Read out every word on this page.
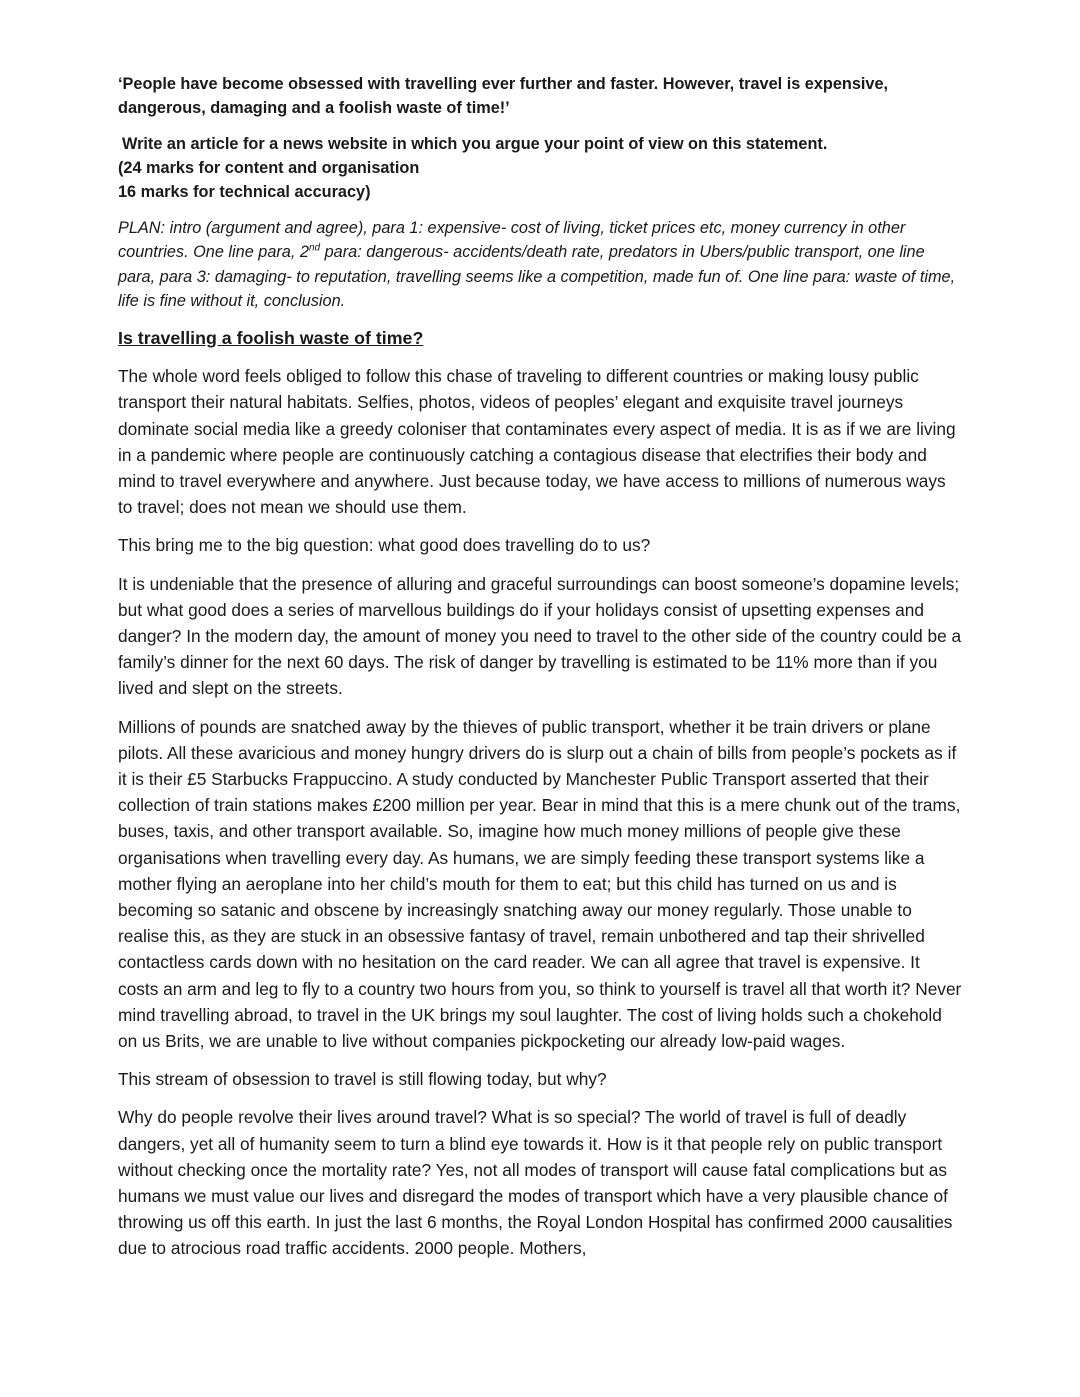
‘People have become obsessed with travelling ever further and faster. However, travel is expensive, dangerous, damaging and a foolish waste of time!’

Write an article for a news website in which you argue your point of view on this statement.
(24 marks for content and organisation
16 marks for technical accuracy)

PLAN: intro (argument and agree), para 1: expensive- cost of living, ticket prices etc, money currency in other countries. One line para, 2nd para: dangerous- accidents/death rate, predators in Ubers/public transport, one line para, para 3: damaging- to reputation, travelling seems like a competition, made fun of. One line para: waste of time, life is fine without it, conclusion.

Is travelling a foolish waste of time?

The whole word feels obliged to follow this chase of traveling to different countries or making lousy public transport their natural habitats. Selfies, photos, videos of peoples’ elegant and exquisite travel journeys dominate social media like a greedy coloniser that contaminates every aspect of media. It is as if we are living in a pandemic where people are continuously catching a contagious disease that electrifies their body and mind to travel everywhere and anywhere. Just because today, we have access to millions of numerous ways to travel; does not mean we should use them.

This bring me to the big question: what good does travelling do to us?

It is undeniable that the presence of alluring and graceful surroundings can boost someone’s dopamine levels; but what good does a series of marvellous buildings do if your holidays consist of upsetting expenses and danger? In the modern day, the amount of money you need to travel to the other side of the country could be a family’s dinner for the next 60 days. The risk of danger by travelling is estimated to be 11% more than if you lived and slept on the streets.

Millions of pounds are snatched away by the thieves of public transport, whether it be train drivers or plane pilots. All these avaricious and money hungry drivers do is slurp out a chain of bills from people’s pockets as if it is their £5 Starbucks Frappuccino. A study conducted by Manchester Public Transport asserted that their collection of train stations makes £200 million per year. Bear in mind that this is a mere chunk out of the trams, buses, taxis, and other transport available. So, imagine how much money millions of people give these organisations when travelling every day. As humans, we are simply feeding these transport systems like a mother flying an aeroplane into her child’s mouth for them to eat; but this child has turned on us and is becoming so satanic and obscene by increasingly snatching away our money regularly. Those unable to realise this, as they are stuck in an obsessive fantasy of travel, remain unbothered and tap their shrivelled contactless cards down with no hesitation on the card reader. We can all agree that travel is expensive. It costs an arm and leg to fly to a country two hours from you, so think to yourself is travel all that worth it? Never mind travelling abroad, to travel in the UK brings my soul laughter. The cost of living holds such a chokehold on us Brits, we are unable to live without companies pickpocketing our already low-paid wages.

This stream of obsession to travel is still flowing today, but why?

Why do people revolve their lives around travel? What is so special? The world of travel is full of deadly dangers, yet all of humanity seem to turn a blind eye towards it. How is it that people rely on public transport without checking once the mortality rate? Yes, not all modes of transport will cause fatal complications but as humans we must value our lives and disregard the modes of transport which have a very plausible chance of throwing us off this earth. In just the last 6 months, the Royal London Hospital has confirmed 2000 causalities due to atrocious road traffic accidents. 2000 people. Mothers,
